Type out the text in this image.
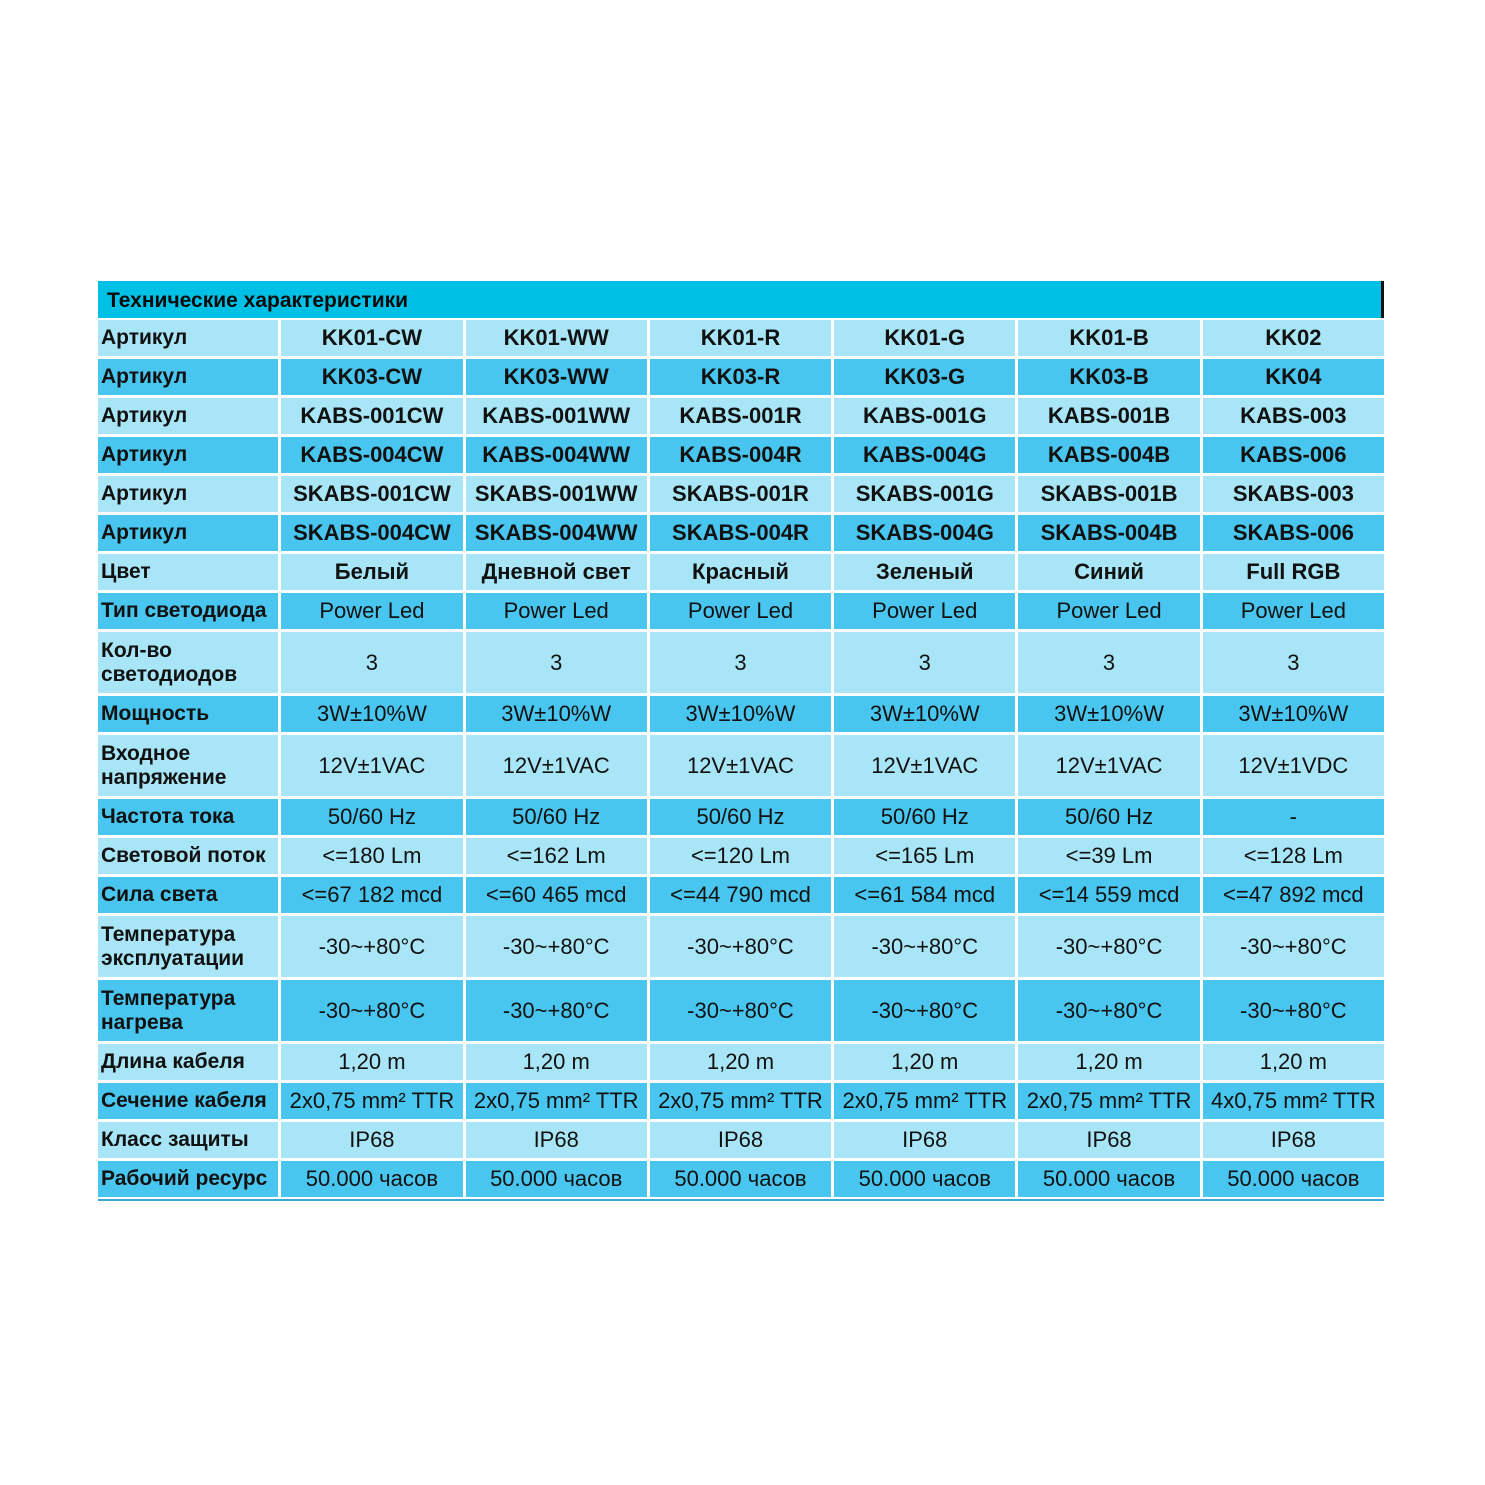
Технические характеристики
Артикул	KK01-CW	KK01-WW	KK01-R	KK01-G	KK01-B	KK02
Артикул	KK03-CW	KK03-WW	KK03-R	KK03-G	KK03-B	KK04
Артикул	KABS-001CW	KABS-001WW	KABS-001R	KABS-001G	KABS-001B	KABS-003
Артикул	KABS-004CW	KABS-004WW	KABS-004R	KABS-004G	KABS-004B	KABS-006
Артикул	SKABS-001CW	SKABS-001WW	SKABS-001R	SKABS-001G	SKABS-001B	SKABS-003
Артикул	SKABS-004CW	SKABS-004WW	SKABS-004R	SKABS-004G	SKABS-004B	SKABS-006
Цвет	Белый	Дневной свет	Красный	Зеленый	Синий	Full RGB
Тип светодиода	Power Led	Power Led	Power Led	Power Led	Power Led	Power Led
Кол-во светодиодов	3	3	3	3	3	3
Мощность	3W±10%W	3W±10%W	3W±10%W	3W±10%W	3W±10%W	3W±10%W
Входное напряжение	12V±1VAC	12V±1VAC	12V±1VAC	12V±1VAC	12V±1VAC	12V±1VDC
Частота тока	50/60 Hz	50/60 Hz	50/60 Hz	50/60 Hz	50/60 Hz	-
Световой поток	<=180 Lm	<=162 Lm	<=120 Lm	<=165 Lm	<=39 Lm	<=128 Lm
Сила света	<=67 182 mcd	<=60 465 mcd	<=44 790 mcd	<=61 584 mcd	<=14 559 mcd	<=47 892 mcd
Температура эксплуатации	-30~+80°C	-30~+80°C	-30~+80°C	-30~+80°C	-30~+80°C	-30~+80°C
Температура нагрева	-30~+80°C	-30~+80°C	-30~+80°C	-30~+80°C	-30~+80°C	-30~+80°C
Длина кабеля	1,20 m	1,20 m	1,20 m	1,20 m	1,20 m	1,20 m
Сечение кабеля	2x0,75 mm² TTR	2x0,75 mm² TTR	2x0,75 mm² TTR	2x0,75 mm² TTR	2x0,75 mm² TTR	4x0,75 mm² TTR
Класс защиты	IP68	IP68	IP68	IP68	IP68	IP68
Рабочий ресурс	50.000 часов	50.000 часов	50.000 часов	50.000 часов	50.000 часов	50.000 часов
